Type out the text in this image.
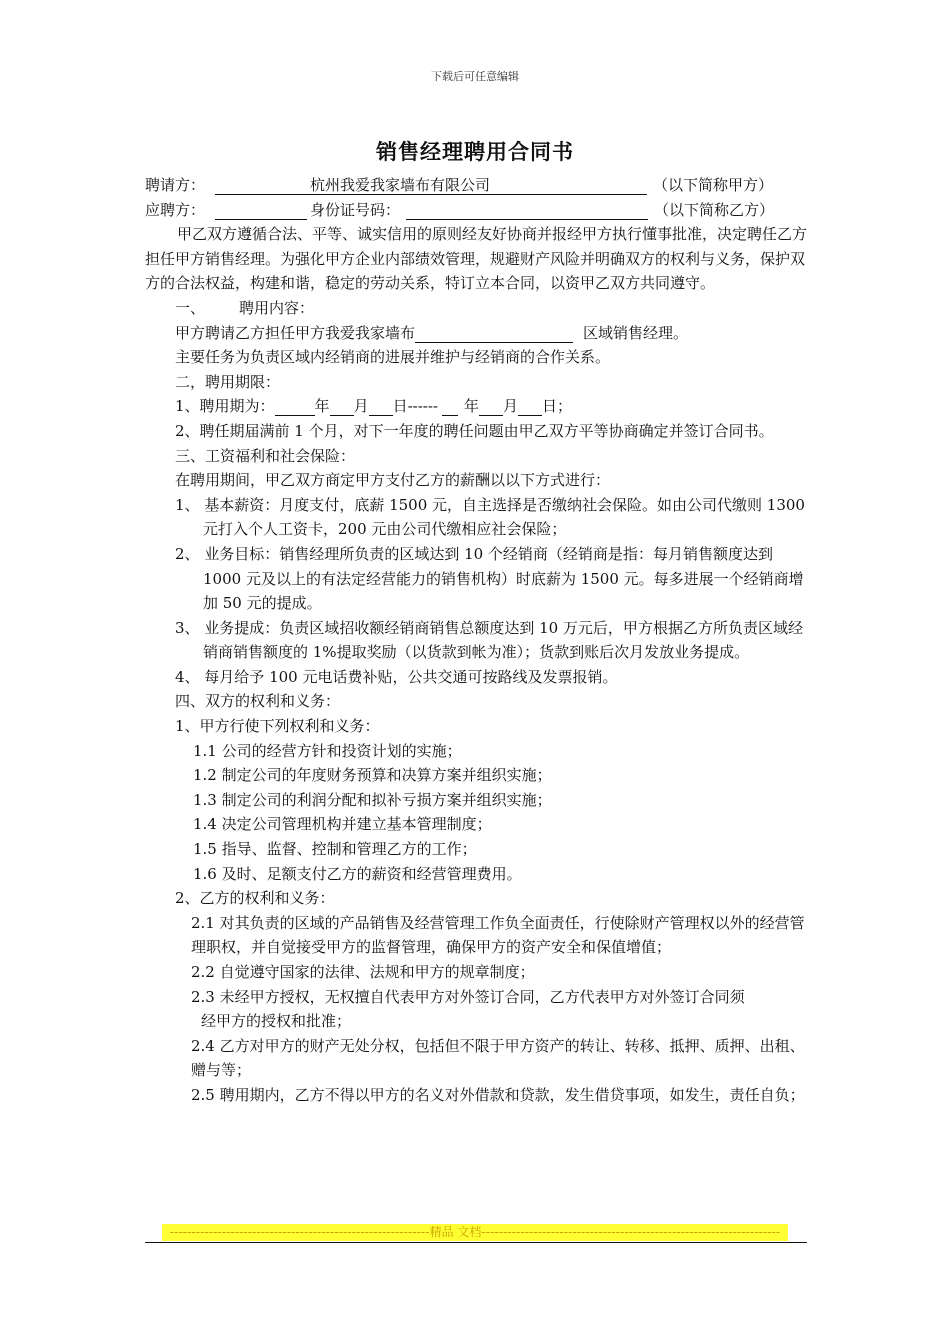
下载后可任意编辑
销售经理聘用合同书
聘请方：	杭州我爱我家墙布有限公司	（以下简称甲方）
应聘方：	身份证号码：	（以下简称乙方）
甲乙双方遵循合法、平等、诚实信用的原则经友好协商并报经甲方执行懂事批准，决定聘任乙方担任甲方销售经理。为强化甲方企业内部绩效管理，规避财产风险并明确双方的权利与义务，保护双方的合法权益，构建和谐，稳定的劳动关系，特订立本合同，以资甲乙双方共同遵守。
一、 聘用内容：
甲方聘请乙方担任甲方我爱我家墙布	区域销售经理。
主要任务为负责区域内经销商的进展并维护与经销商的合作关系。
二，聘用期限：
1、聘用期为：	年 月 日------ 年 月 日；
2、聘任期届满前 1 个月，对下一年度的聘任问题由甲乙双方平等协商确定并签订合同书。
三、工资福利和社会保险：
在聘用期间，甲乙双方商定甲方支付乙方的薪酬以以下方式进行：
1、 基本薪资：月度支付，底薪 1500 元，自主选择是否缴纳社会保险。如由公司代缴则 1300 元打入个人工资卡，200 元由公司代缴相应社会保险；
2、 业务目标：销售经理所负责的区域达到 10 个经销商（经销商是指：每月销售额度达到 1000 元及以上的有法定经营能力的销售机构）时底薪为 1500 元。每多进展一个经销商增加 50 元的提成。
3、 业务提成：负责区域招收额经销商销售总额度达到 10 万元后，甲方根据乙方所负责区域经销商销售额度的 1%提取奖励（以货款到帐为准）；货款到账后次月发放业务提成。
4、 每月给予 100 元电话费补贴，公共交通可按路线及发票报销。
四、双方的权利和义务：
1、甲方行使下列权利和义务：
1.1 公司的经营方针和投资计划的实施；
1.2 制定公司的年度财务预算和决算方案并组织实施；
1.3 制定公司的利润分配和拟补亏损方案并组织实施；
1.4 决定公司管理机构并建立基本管理制度；
1.5 指导、监督、控制和管理乙方的工作；
1.6 及时、足额支付乙方的薪资和经营管理费用。
2、乙方的权利和义务：
2.1 对其负责的区域的产品销售及经营管理工作负全面责任，行使除财产管理权以外的经营管理职权，并自觉接受甲方的监督管理，确保甲方的资产安全和保值增值；
2.2 自觉遵守国家的法律、法规和甲方的规章制度；
2.3 未经甲方授权，无权擅自代表甲方对外签订合同，乙方代表甲方对外签订合同须
经甲方的授权和批准；
2.4 乙方对甲方的财产无处分权，包括但不限于甲方资产的转让、转移、抵押、质押、出租、赠与等；
2.5 聘用期内，乙方不得以甲方的名义对外借款和贷款，发生借贷事项，如发生，责任自负；
------------------------------------------------------------精品 文档---------------------------------------------------------------------
